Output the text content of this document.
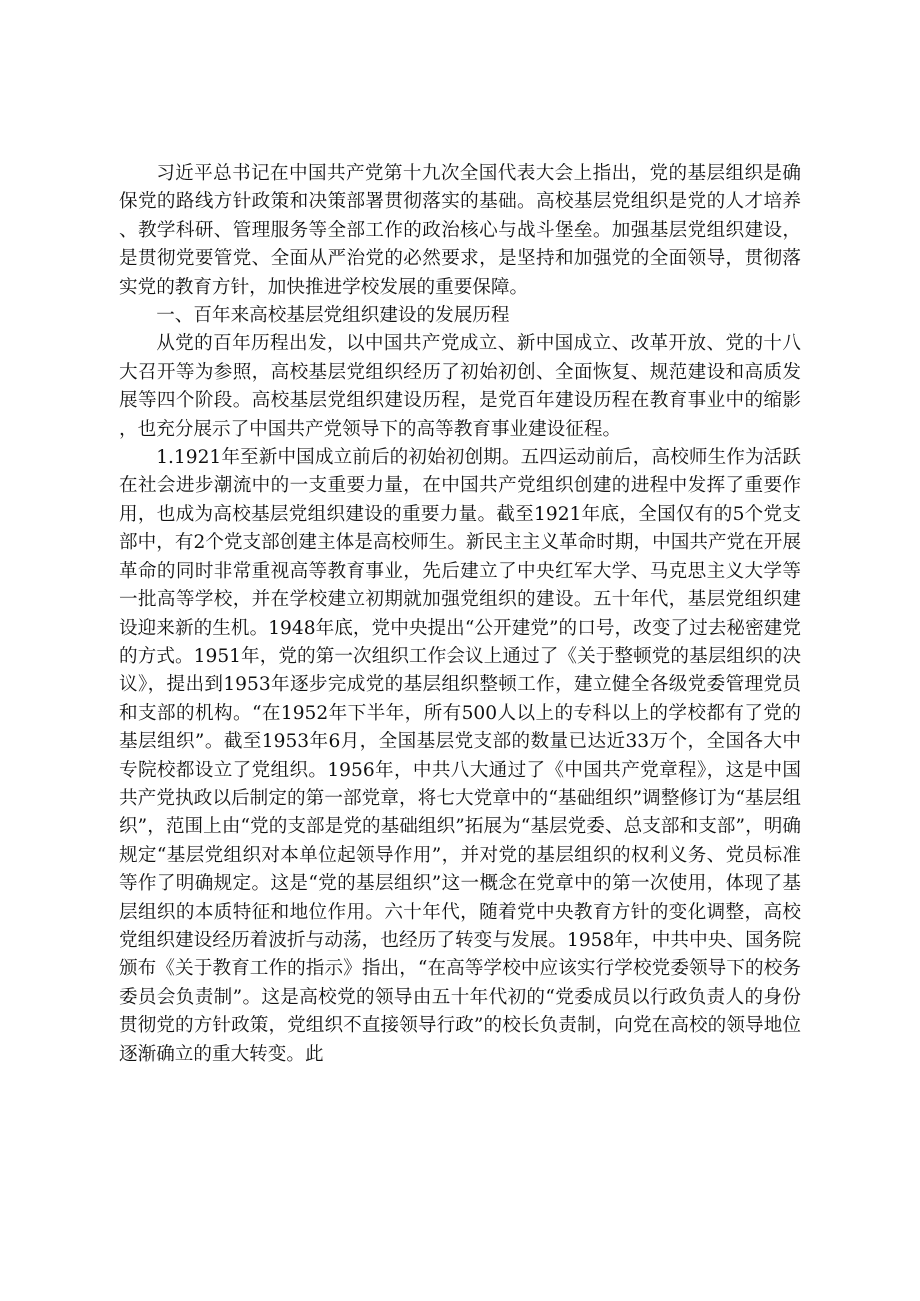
习近平总书记在中国共产党第十九次全国代表大会上指出，党的基层组织是确保党的路线方针政策和决策部署贯彻落实的基础。高校基层党组织是党的人才培养、教学科研、管理服务等全部工作的政治核心与战斗堡垒。加强基层党组织建设，是贯彻党要管党、全面从严治党的必然要求，是坚持和加强党的全面领导，贯彻落实党的教育方针，加快推进学校发展的重要保障。

一、百年来高校基层党组织建设的发展历程

从党的百年历程出发，以中国共产党成立、新中国成立、改革开放、党的十八大召开等为参照，高校基层党组织经历了初始初创、全面恢复、规范建设和高质发展等四个阶段。高校基层党组织建设历程，是党百年建设历程在教育事业中的缩影，也充分展示了中国共产党领导下的高等教育事业建设征程。

1.1921年至新中国成立前后的初始初创期。五四运动前后，高校师生作为活跃在社会进步潮流中的一支重要力量，在中国共产党组织创建的进程中发挥了重要作用，也成为高校基层党组织建设的重要力量。截至1921年底，全国仅有的5个党支部中，有2个党支部创建主体是高校师生。新民主主义革命时期，中国共产党在开展革命的同时非常重视高等教育事业，先后建立了中央红军大学、马克思主义大学等一批高等学校，并在学校建立初期就加强党组织的建设。五十年代，基层党组织建设迎来新的生机。1948年底，党中央提出“公开建党”的口号，改变了过去秘密建党的方式。1951年，党的第一次组织工作会议上通过了《关于整顿党的基层组织的决议》，提出到1953年逐步完成党的基层组织整顿工作，建立健全各级党委管理党员和支部的机构。“在1952年下半年，所有500人以上的专科以上的学校都有了党的基层组织”。截至1953年6月，全国基层党支部的数量已达近33万个，全国各大中专院校都设立了党组织。1956年，中共八大通过了《中国共产党章程》，这是中国共产党执政以后制定的第一部党章，将七大党章中的“基础组织”调整修订为“基层组织”，范围上由“党的支部是党的基础组织”拓展为“基层党委、总支部和支部”，明确规定“基层党组织对本单位起领导作用”，并对党的基层组织的权利义务、党员标准等作了明确规定。这是“党的基层组织”这一概念在党章中的第一次使用，体现了基层组织的本质特征和地位作用。六十年代，随着党中央教育方针的变化调整，高校党组织建设经历着波折与动荡，也经历了转变与发展。1958年，中共中央、国务院颁布《关于教育工作的指示》指出，“在高等学校中应该实行学校党委领导下的校务委员会负责制”。这是高校党的领导由五十年代初的“党委成员以行政负责人的身份贯彻党的方针政策，党组织不直接领导行政”的校长负责制，向党在高校的领导地位逐渐确立的重大转变。此
